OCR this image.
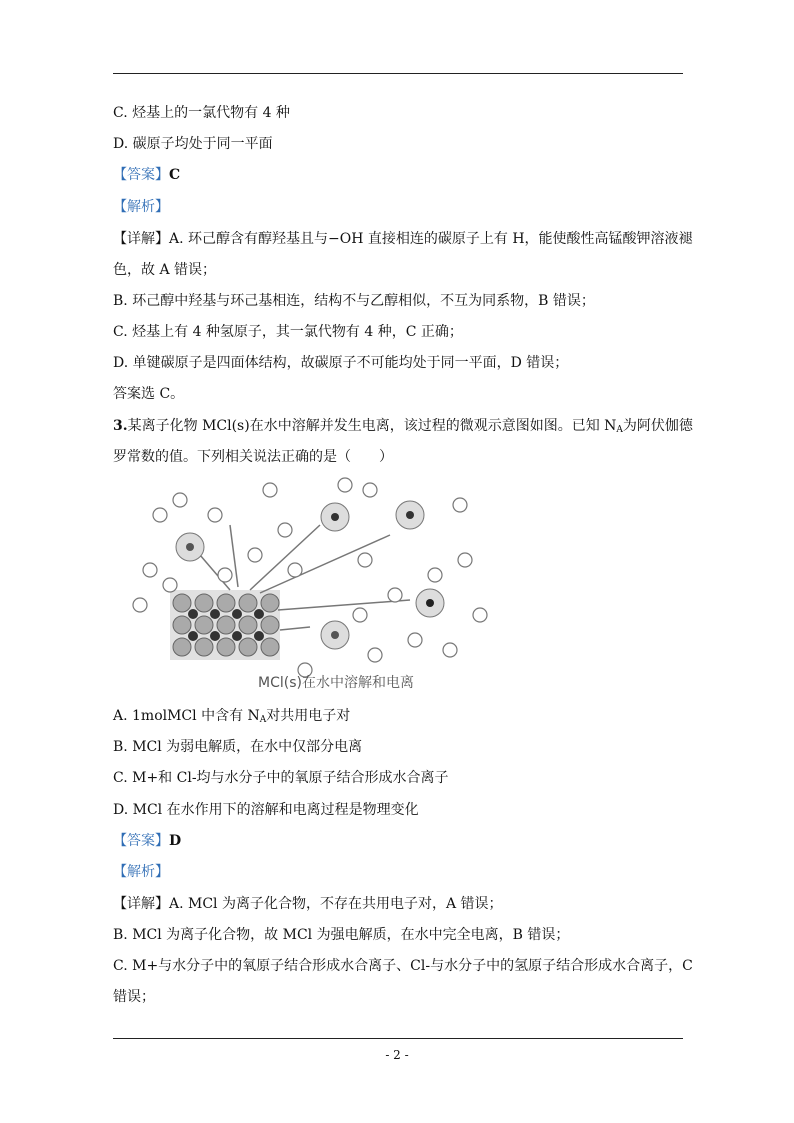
C. 烃基上的一氯代物有 4 种
D. 碳原子均处于同一平面
【答案】C
【解析】
【详解】A. 环己醇含有醇羟基且与−OH 直接相连的碳原子上有 H，能使酸性高锰酸钾溶液褪
色，故 A 错误；
B. 环己醇中羟基与环己基相连，结构不与乙醇相似，不互为同系物，B 错误；
C. 烃基上有 4 种氢原子，其一氯代物有 4 种，C 正确；
D. 单键碳原子是四面体结构，故碳原子不可能均处于同一平面，D 错误；
答案选 C。
3.某离子化物 MCl(s)在水中溶解并发生电离，该过程的微观示意图如图。已知 $N_A$为阿伏伽德
罗常数的值。下列相关说法正确的是（　　）
MCl(s)在水中溶解和电离
A. 1molMCl 中含有 $N_A$对共用电子对
B. MCl 为弱电解质，在水中仅部分电离
C. M+和 Cl-均与水分子中的氧原子结合形成水合离子
D. MCl 在水作用下的溶解和电离过程是物理变化
【答案】D
【解析】
【详解】A. MCl 为离子化合物，不存在共用电子对，A 错误；
B. MCl 为离子化合物，故 MCl 为强电解质，在水中完全电离，B 错误；
C. M+与水分子中的氧原子结合形成水合离子、Cl-与水分子中的氢原子结合形成水合离子，C
错误；
- 2 -
